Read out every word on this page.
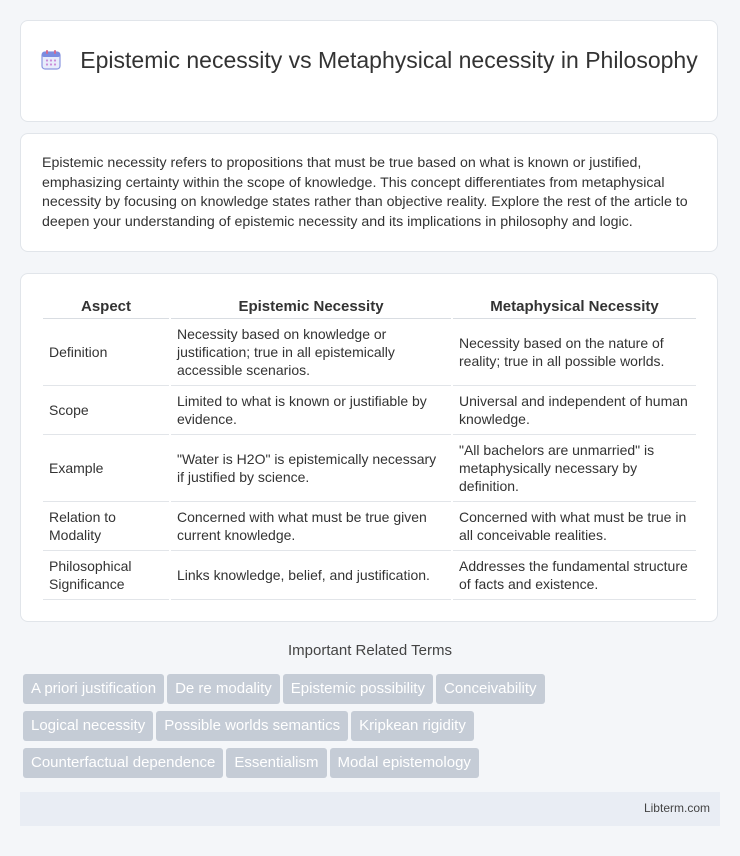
Epistemic necessity vs Metaphysical necessity in Philosophy
Epistemic necessity refers to propositions that must be true based on what is known or justified, emphasizing certainty within the scope of knowledge. This concept differentiates from metaphysical necessity by focusing on knowledge states rather than objective reality. Explore the rest of the article to deepen your understanding of epistemic necessity and its implications in philosophy and logic.
Aspect	Epistemic Necessity	Metaphysical Necessity
Definition	Necessity based on knowledge or justification; true in all epistemically accessible scenarios.	Necessity based on the nature of reality; true in all possible worlds.
Scope	Limited to what is known or justifiable by evidence.	Universal and independent of human knowledge.
Example	"Water is H2O" is epistemically necessary if justified by science.	"All bachelors are unmarried" is metaphysically necessary by definition.
Relation to Modality	Concerned with what must be true given current knowledge.	Concerned with what must be true in all conceivable realities.
Philosophical Significance	Links knowledge, belief, and justification.	Addresses the fundamental structure of facts and existence.
Important Related Terms
A priori justification De re modality Epistemic possibility Conceivability
Logical necessity Possible worlds semantics Kripkean rigidity
Counterfactual dependence Essentialism Modal epistemology
Libterm.com
